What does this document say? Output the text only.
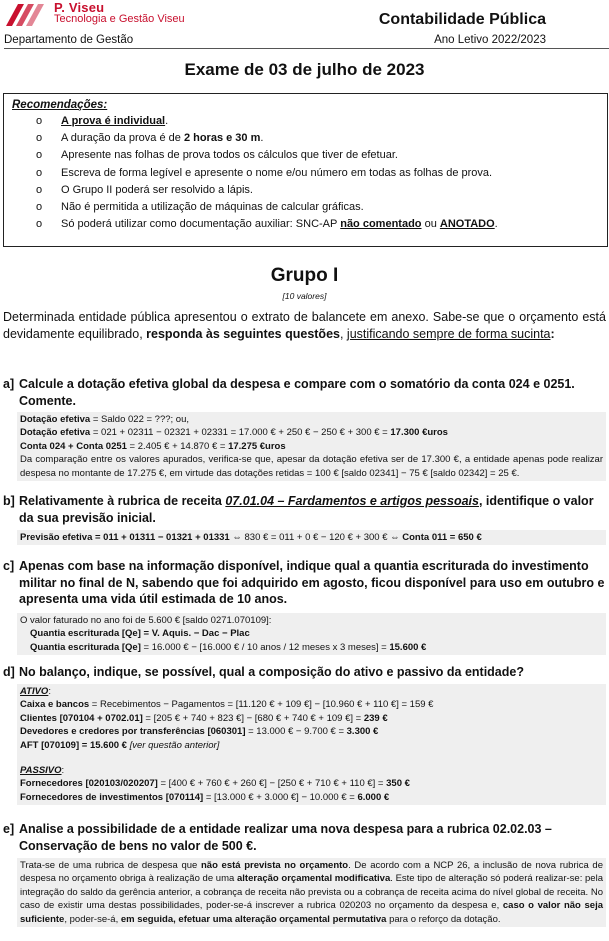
P. Viseu
Tecnologia e Gestão Viseu	Contabilidade Pública
Departamento de Gestão	Ano Letivo 2022/2023
Exame de 03 de julho de 2023
Recomendações:
o A prova é individual.
o A duração da prova é de 2 horas e 30 m.
o Apresente nas folhas de prova todos os cálculos que tiver de efetuar.
o Escreva de forma legível e apresente o nome e/ou número em todas as folhas de prova.
o O Grupo II poderá ser resolvido a lápis.
o Não é permitida a utilização de máquinas de calcular gráficas.
o Só poderá utilizar como documentação auxiliar: SNC-AP não comentado ou ANOTADO.
Grupo I
[10 valores]
Determinada entidade pública apresentou o extrato de balancete em anexo. Sabe-se que o orçamento está devidamente equilibrado, responda às seguintes questões, justificando sempre de forma sucinta:
a] Calcule a dotação efetiva global da despesa e compare com o somatório da conta 024 e 0251. Comente.

Dotação efetiva = Saldo 022 = ???; ou,

Dotação efetiva = 021 + 02311 − 02321 + 02331 = 17.000 € + 250 € − 250 € + 300 € = 17.300 €uros

Conta 024 + Conta 0251 = 2.405 € + 14.870 € = 17.275 €uros

Da comparação entre os valores apurados, verifica-se que, apesar da dotação efetiva ser de 17.300 €, a entidade apenas pode realizar despesa no montante de 17.275 €, em virtude das dotações retidas = 100 € [saldo 02341] − 75 € [saldo 02342] = 25 €.

b] Relativamente à rubrica de receita 07.01.04 – Fardamentos e artigos pessoais, identifique o valor da sua previsão inicial.

Previsão efetiva = 011 + 01311 − 01321 + 01331 ⇔ 830 € = 011 + 0 € − 120 € + 300 € ⇔ Conta 011 = 650 €

c] Apenas com base na informação disponível, indique qual a quantia escriturada do investimento militar no final de N, sabendo que foi adquirido em agosto, ficou disponível para uso em outubro e apresenta uma vida útil estimada de 10 anos.

O valor faturado no ano foi de 5.600 € [saldo 0271.070109]:

Quantia escriturada [Qe] = V. Aquis. − Dac − Plac

Quantia escriturada [Qe] = 16.000 € − [16.000 € / 10 anos / 12 meses x 3 meses] = 15.600 €

d] No balanço, indique, se possível, qual a composição do ativo e passivo da entidade?

ATIVO:

Caixa e bancos = Recebimentos − Pagamentos = [11.120 € + 109 €] − [10.960 € + 110 €] = 159 €

Clientes [070104 + 0702.01] = [205 € + 740 + 823 €] − [680 € + 740 € + 109 €] = 239 €

Devedores e credores por transferências [060301] = 13.000 € − 9.700 € = 3.300 €

AFT [070109] = 15.600 € [ver questão anterior]

PASSIVO:

Fornecedores [020103/020207] = [400 € + 760 € + 260 €] − [250 € + 710 € + 110 €] = 350 €

Fornecedores de investimentos [070114] = [13.000 € + 3.000 €] − 10.000 € = 6.000 €

e] Analise a possibilidade de a entidade realizar uma nova despesa para a rubrica 02.02.03 – Conservação de bens no valor de 500 €.

Trata-se de uma rubrica de despesa que não está prevista no orçamento. De acordo com a NCP 26, a inclusão de nova rubrica de despesa no orçamento obriga à realização de uma alteração orçamental modificativa. Este tipo de alteração só poderá realizar-se: pela integração do saldo da gerência anterior, a cobrança de receita não prevista ou a cobrança de receita acima do nível global de receita. No caso de existir uma destas possibilidades, poder-se-á inscrever a rubrica 020203 no orçamento da despesa e, caso o valor não seja suficiente, poder-se-á, em seguida, efetuar uma alteração orçamental permutativa para o reforço da dotação.
